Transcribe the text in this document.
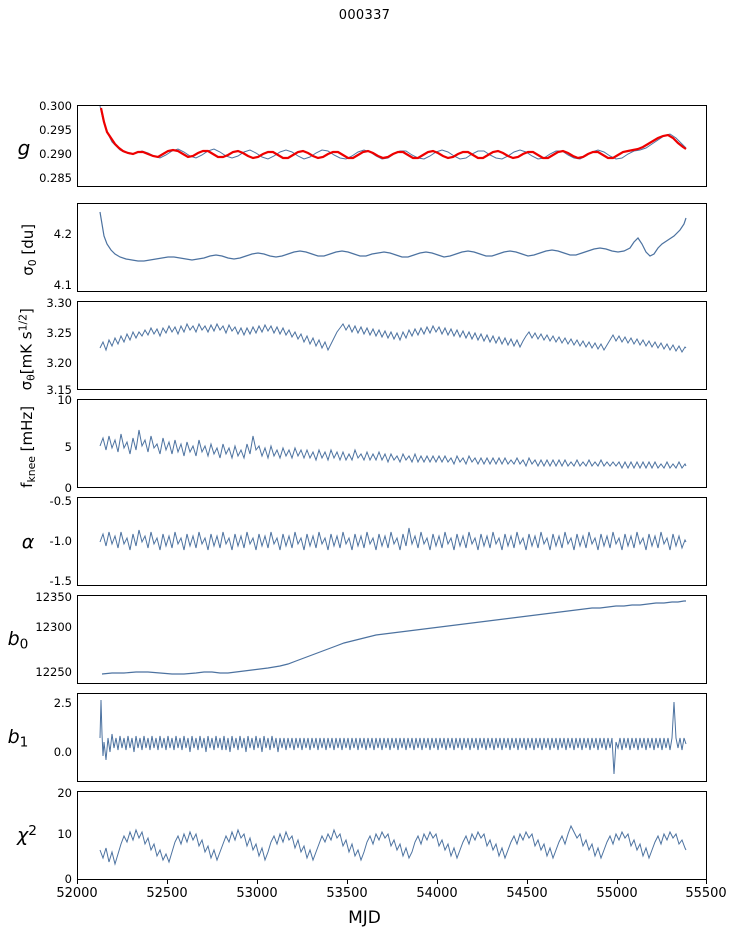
000337
g
0.300
0.295
0.290
0.285
4.2
4.1
$\sigma_0$ [du]
3.30
3.25
3.20
3.15
$\sigma_\theta[mK$ $s^{1/2}$]
10
5
0
$f_{knee}$ [mHz]
-0.5
-1.0
-1.5
α
12350
12300
12250
$b_0$
2.5
0.0
$b_1$
20
10
0
$\chi^2$
52000	52500	53000	53500	54000	54500	55000	55500
MJD
